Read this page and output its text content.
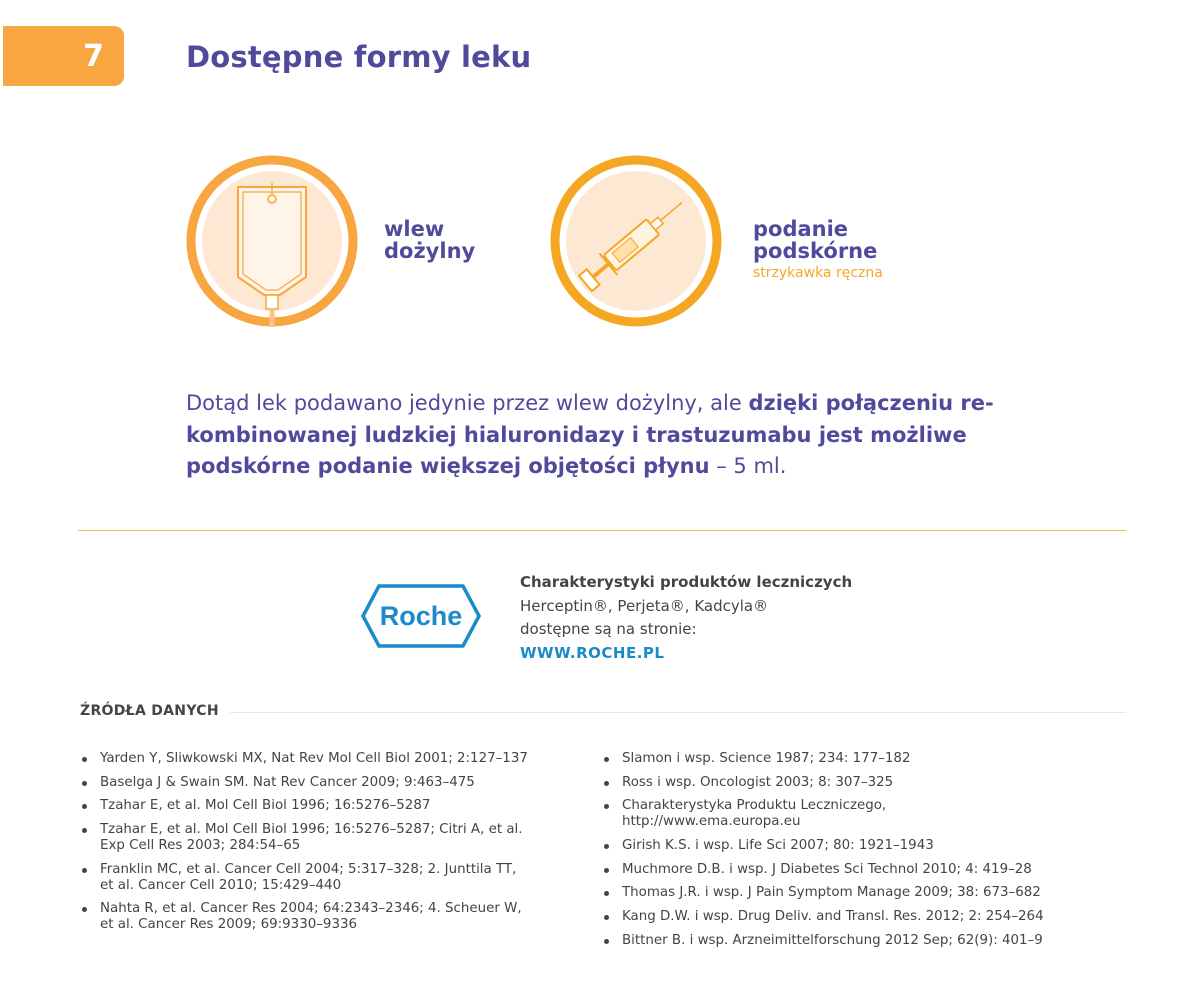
7	Dostępne formy leku
wlew
dożylny
podanie
podskórne
strzykawka ręczna

Dotąd lek podawano jedynie przez wlew dożylny, ale dzięki połączeniu re-kombinowanej ludzkiej hialuronidazy i trastuzumabu jest możliwe podskórne podanie większej objętości płynu – 5 ml.

Roche
Charakterystyki produktów leczniczych
Herceptin®, Perjeta®, Kadcyla®
dostępne są na stronie:
WWW.ROCHE.PL
ŹRÓDŁA DANYCH
Yarden Y, Sliwkowski MX, Nat Rev Mol Cell Biol 2001; 2:127–137
Baselga J & Swain SM. Nat Rev Cancer 2009; 9:463–475
Tzahar E, et al. Mol Cell Biol 1996; 16:5276–5287
Tzahar E, et al. Mol Cell Biol 1996; 16:5276–5287; Citri A, et al.
Exp Cell Res 2003; 284:54–65
Franklin MC, et al. Cancer Cell 2004; 5:317–328; 2. Junttila TT,
et al. Cancer Cell 2010; 15:429–440
Nahta R, et al. Cancer Res 2004; 64:2343–2346; 4. Scheuer W,
et al. Cancer Res 2009; 69:9330–9336
Slamon i wsp. Science 1987; 234: 177–182
Ross i wsp. Oncologist 2003; 8: 307–325
Charakterystyka Produktu Leczniczego,
http://www.ema.europa.eu
Girish K.S. i wsp. Life Sci 2007; 80: 1921–1943
Muchmore D.B. i wsp. J Diabetes Sci Technol 2010; 4: 419–28
Thomas J.R. i wsp. J Pain Symptom Manage 2009; 38: 673–682
Kang D.W. i wsp. Drug Deliv. and Transl. Res. 2012; 2: 254–264
Bittner B. i wsp. Arzneimittelforschung 2012 Sep; 62(9): 401–9
